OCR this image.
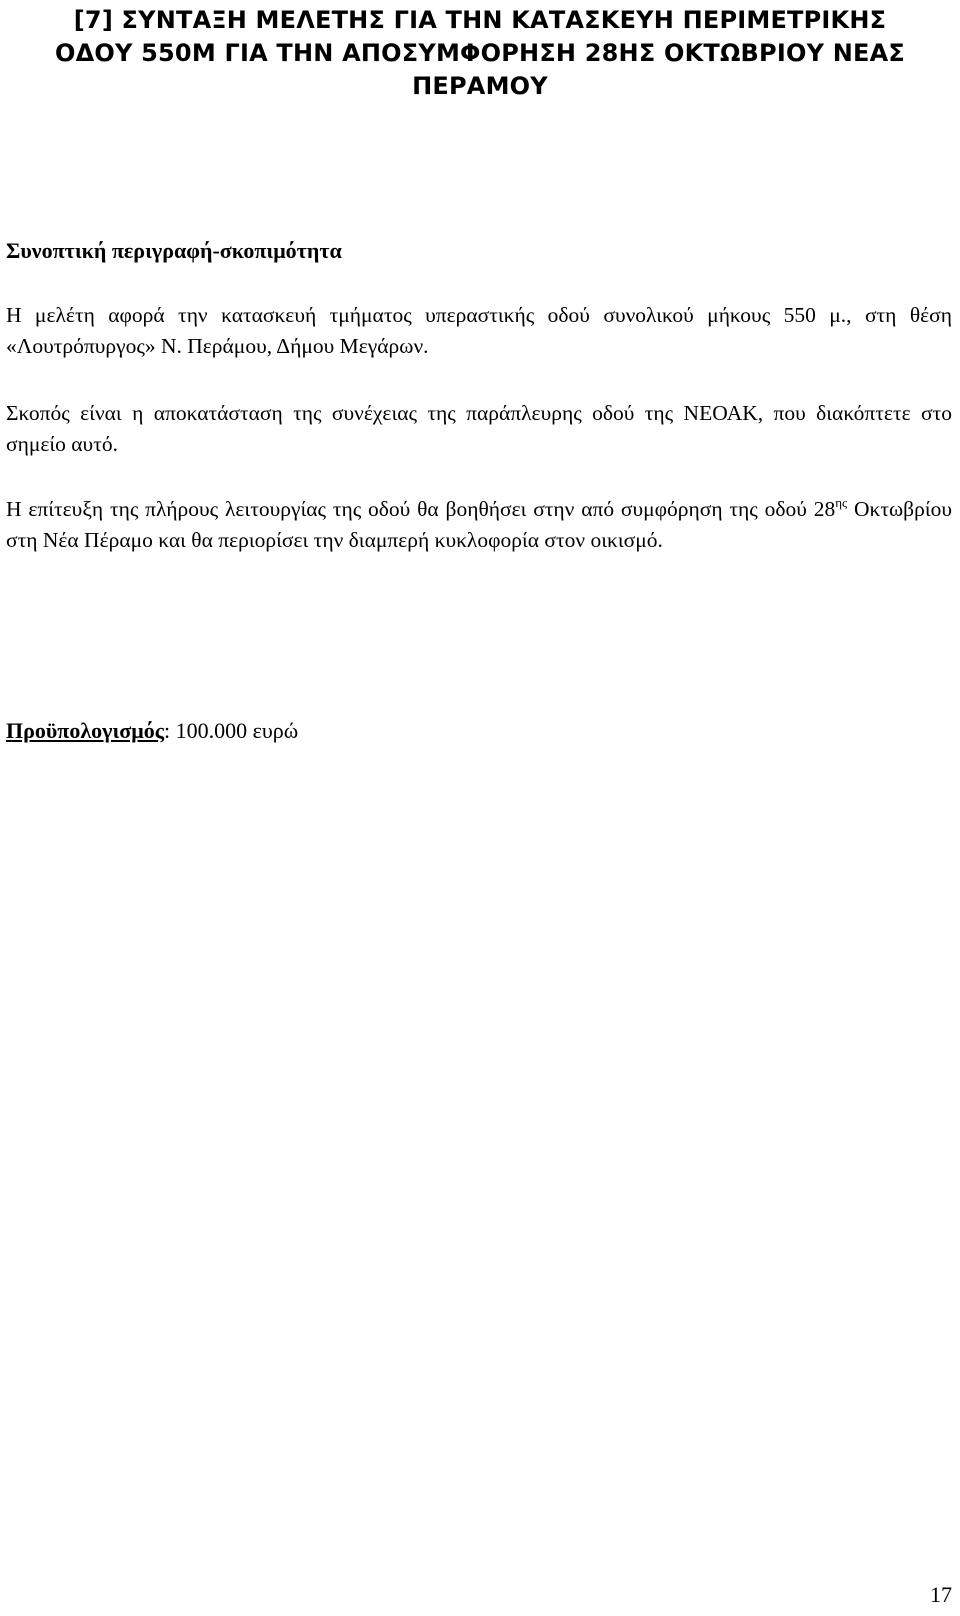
[7] ΣΥΝΤΑΞΗ ΜΕΛΕΤΗΣ ΓΙΑ ΤΗΝ ΚΑΤΑΣΚΕΥΗ ΠΕΡΙΜΕΤΡΙΚΗΣ
ΟΔΟΥ 550Μ ΓΙΑ ΤΗΝ ΑΠΟΣΥΜΦΟΡΗΣΗ 28ΗΣ ΟΚΤΩΒΡΙΟΥ ΝΕΑΣ
ΠΕΡΑΜΟΥ
Συνοπτική περιγραφή-σκοπιμότητα

Η μελέτη αφορά την κατασκευή τμήματος υπεραστικής οδού συνολικού μήκους 550 μ., στη θέση «Λουτρόπυργος» Ν. Περάμου, Δήμου Μεγάρων.

Σκοπός είναι η αποκατάσταση της συνέχειας της παράπλευρης οδού της ΝΕΟΑΚ, που διακόπτετε στο σημείο αυτό.

Η επίτευξη της πλήρους λειτουργίας της οδού θα βοηθήσει στην από συμφόρηση της οδού $28^{\eta\varsigma}$ Οκτωβρίου στη Νέα Πέραμο και θα περιορίσει την διαμπερή κυκλοφορία στον οικισμό.

Προϋπολογισμός: 100.000 ευρώ

17
